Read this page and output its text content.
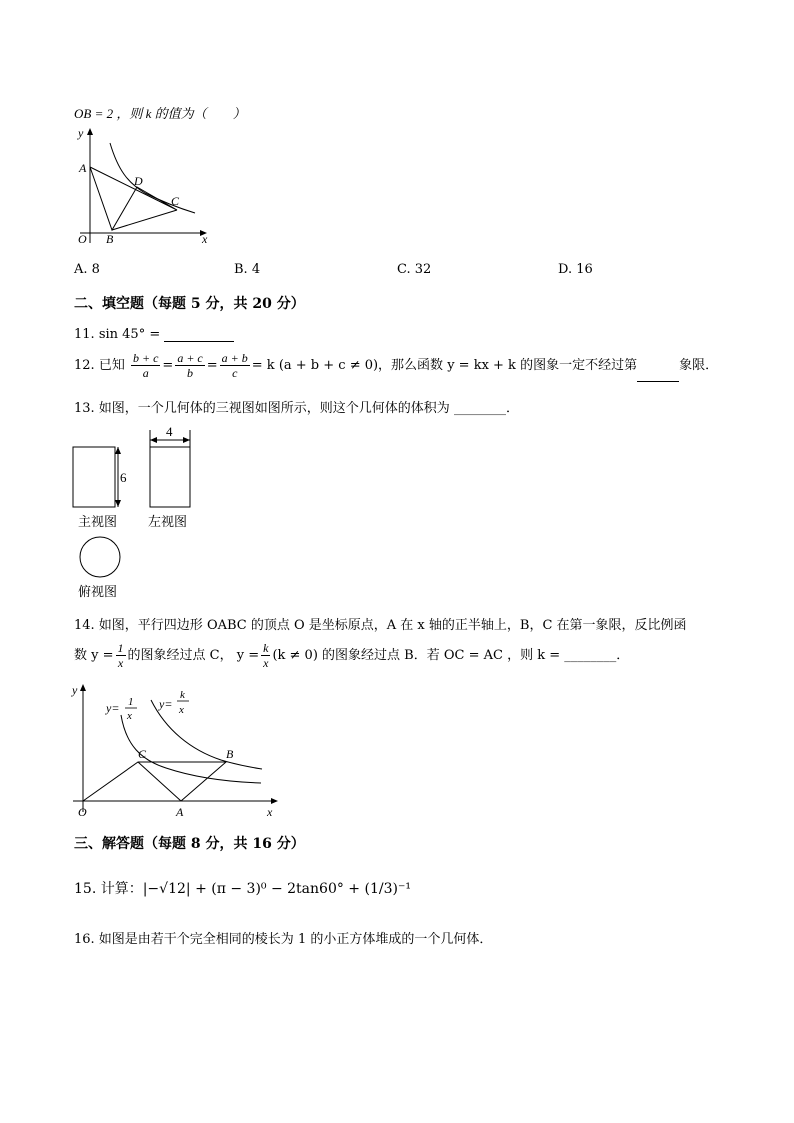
OB = 2 ，则 k 的值为（　　）
y
x
O
A
B
C
D
A. 8	B. 4	C. 32	D. 16
二、填空题（每题 5 分，共 20 分）
11. sin 45° =
12. 已知 $\frac{b + c}{a} = \frac{a + c}{b} = \frac{a + b}{c} = k$ (a + b + c ≠ 0)，那么函数 y = kx + k 的图象一定不经过第	象限．
13. 如图，一个几何体的三视图如图所示，则这个几何体的体积为 ________．
6
4
主视图 左视图
俯视图
14. 如图，平行四边形 OABC 的顶点 O 是坐标原点，A 在 x 轴的正半轴上，B，C 在第一象限，反比例函
数 $y = \frac{1}{x}$ 的图象经过点 C， $y = \frac{k}{x} (k \ne 0)$ 的图象经过点 B．若 OC = AC ，则 k = ________．
y
x
O	A
B
C
y= 1
x
y=
k
x
三、解答题（每题 8 分，共 16 分）
15. 计算：|−√12| + (π − 3)⁰ − 2tan60° + (1/3)⁻¹
16. 如图是由若干个完全相同的棱长为 1 的小正方体堆成的一个几何体．
